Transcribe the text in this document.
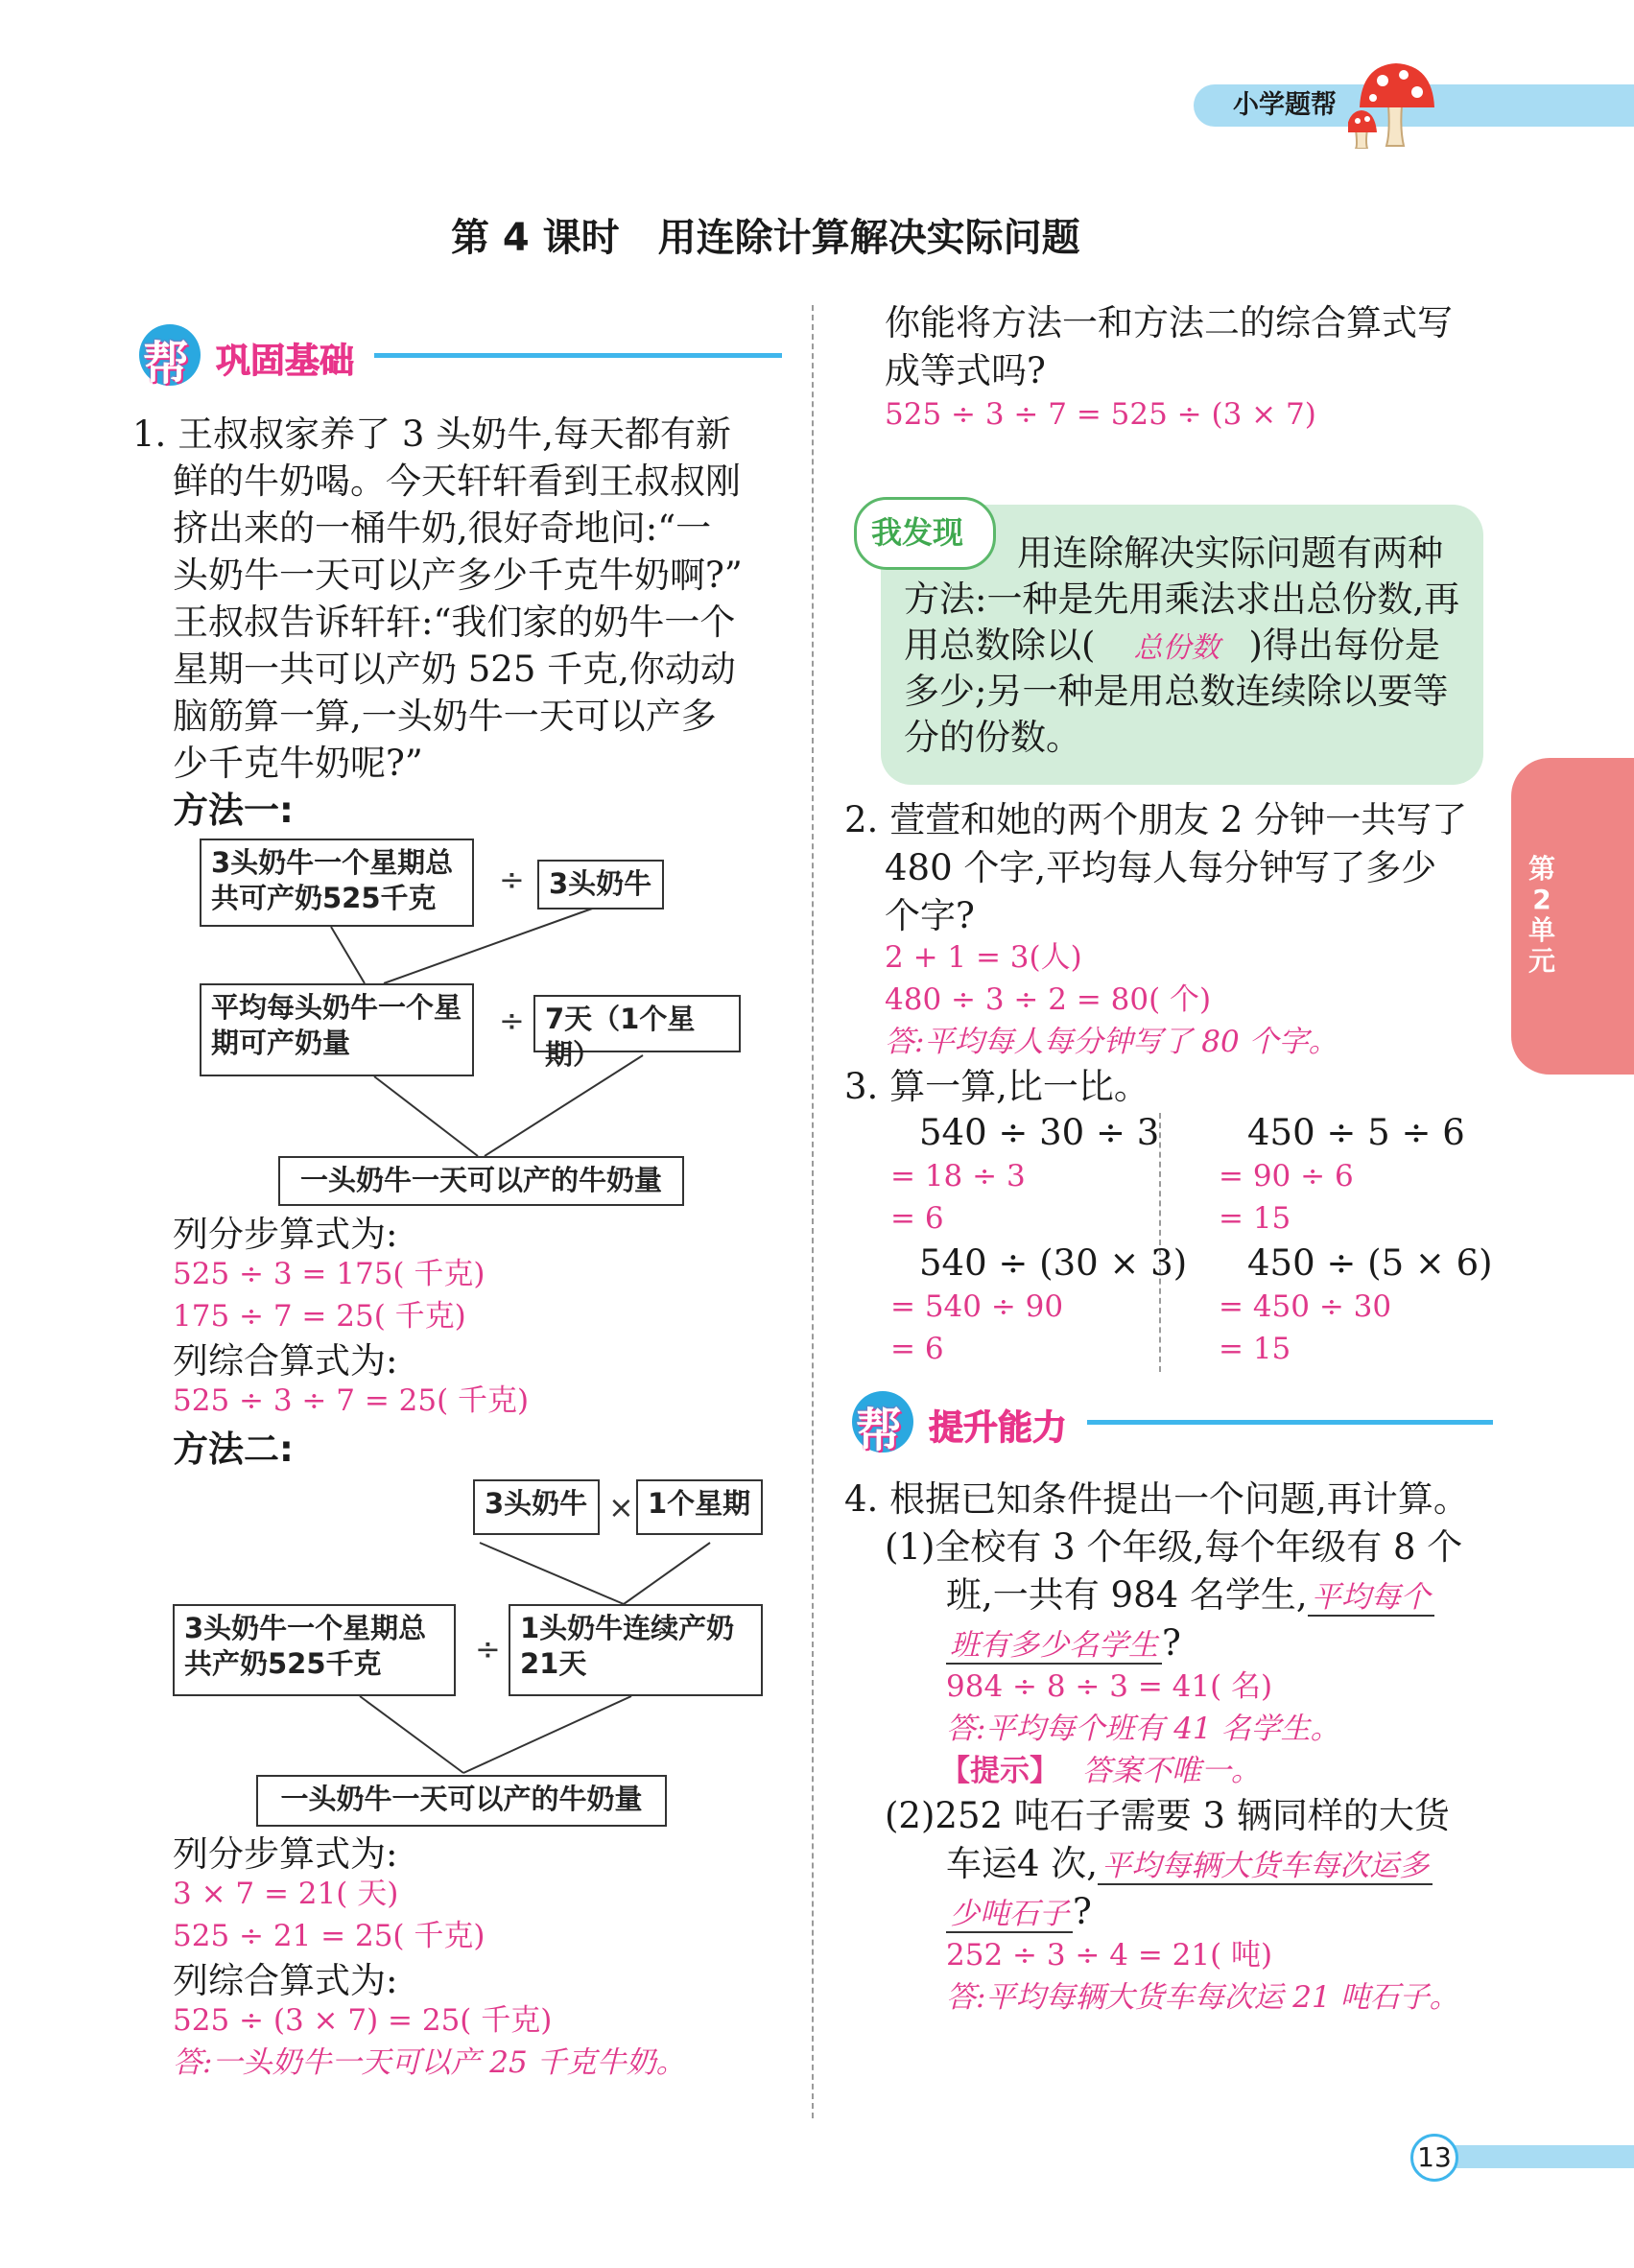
小学题帮
第 4 课时　用连除计算解决实际问题
帮 巩固基础
1. 王叔叔家养了 3 头奶牛,每天都有新
鲜的牛奶喝。今天轩轩看到王叔叔刚
挤出来的一桶牛奶,很好奇地问:“一
头奶牛一天可以产多少千克牛奶啊?”
王叔叔告诉轩轩:“我们家的奶牛一个
星期一共可以产奶 525 千克,你动动
脑筋算一算,一头奶牛一天可以产多
少千克牛奶呢?”
方法一:
3头奶牛一个星期总共可产奶525千克	÷ 3头奶牛
平均每头奶牛一个星期可产奶量
÷ 7天（1个星期）
一头奶牛一天可以产的牛奶量
列分步算式为:
525 ÷ 3 = 175( 千克)
175 ÷ 7 = 25( 千克)
列综合算式为:
525 ÷ 3 ÷ 7 = 25( 千克)
方法二:
3头奶牛 × 1个星期
3头奶牛一个星期总共产奶525千克	÷
1头奶牛连续产奶21天
一头奶牛一天可以产的牛奶量
列分步算式为:
3 × 7 = 21( 天)
525 ÷ 21 = 25( 千克)
列综合算式为:
525 ÷ (3 × 7) = 25( 千克)
答:一头奶牛一天可以产 25 千克牛奶。
你能将方法一和方法二的综合算式写
成等式吗?
525 ÷ 3 ÷ 7 = 525 ÷ (3 × 7)
我发现 用连除解决实际问题有两种
方法:一种是先用乘法求出总份数,再
用总数除以( 总份数 )得出每份是
多少;另一种是用总数连续除以要等
分的份数。
2. 萱萱和她的两个朋友 2 分钟一共写了
480 个字,平均每人每分钟写了多少
个字?
2 + 1 = 3(人)
480 ÷ 3 ÷ 2 = 80( 个)
答:平均每人每分钟写了 80 个字。
3. 算一算,比一比。
540 ÷ 30 ÷ 3
= 18 ÷ 3
= 6
450 ÷ 5 ÷ 6
= 90 ÷ 6
= 15
540 ÷ (30 × 3)
= 540 ÷ 90
= 6
450 ÷ (5 × 6)
= 450 ÷ 30
= 15
帮 提升能力
4. 根据已知条件提出一个问题,再计算。
(1)全校有 3 个年级,每个年级有 8 个
班,一共有 984 名学生, 平均每个
班有多少名学生 ?
984 ÷ 8 ÷ 3 = 41( 名)
答:平均每个班有 41 名学生。
【提示】 答案不唯一。
(2)252 吨石子需要 3 辆同样的大货
车运4 次, 平均每辆大货车每次运多
少吨石子 ?
252 ÷ 3 ÷ 4 = 21( 吨)
答:平均每辆大货车每次运 21 吨石子。
第2单元
13
